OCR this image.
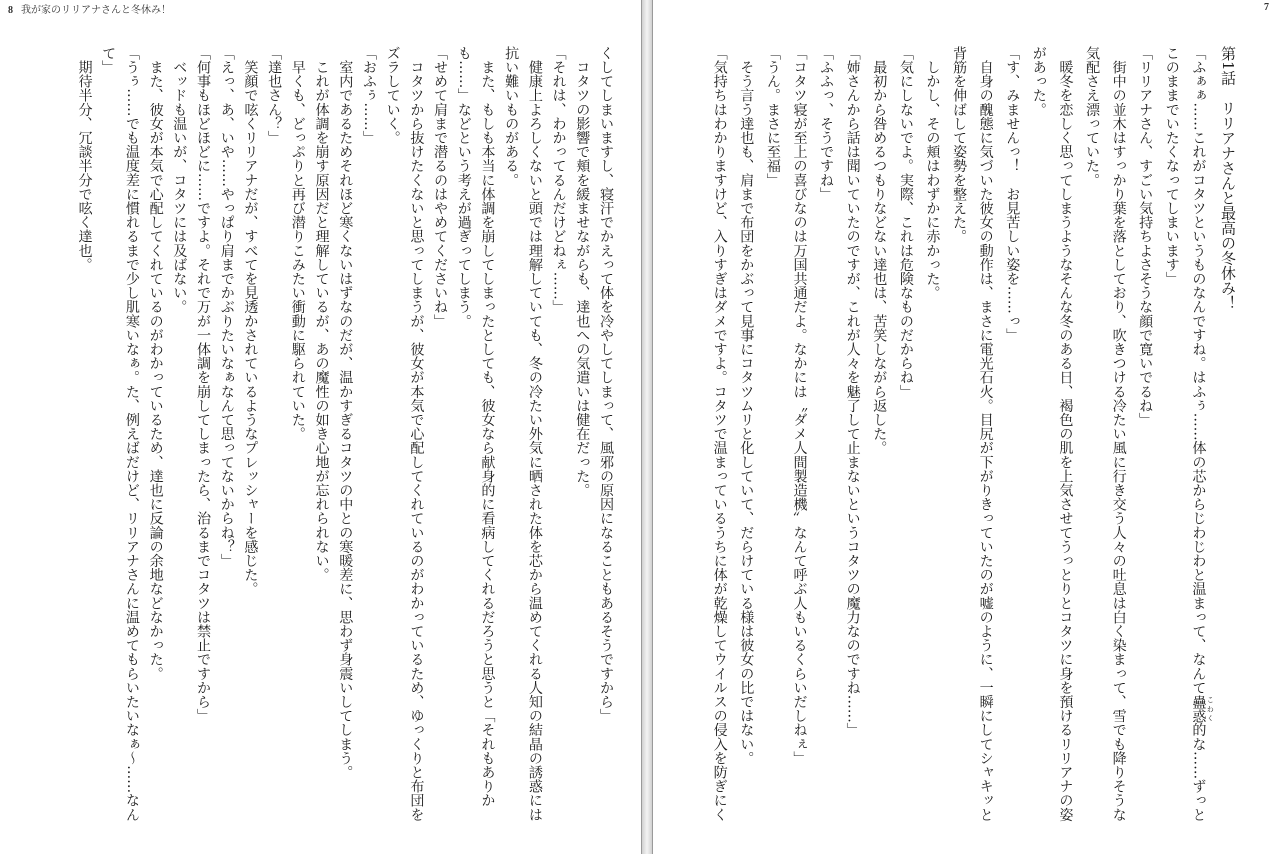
8 我が家のリリアナさんと冬休み！
くしてしまいますし、寝汗でかえって体を冷やしてしまって、風邪の原因になることもあるそうですから」
　コタツの影響で頬を緩ませながらも、達也への気遣いは健在だった。
「それは、わかってるんだけどねぇ……」
　健康上よろしくないと頭では理解していても、冬の冷たい外気に晒された体を芯から温めてくれる人知の結晶の誘惑には
抗い難いものがある。
　また、もしも本当に体調を崩してしまったとしても、彼女なら献身的に看病してくれるだろうと思うと「それもありか
も……」などという考えが過ぎってしまう。
「せめて肩まで潜るのはやめてくださいね」
　コタツから抜けたくないと思ってしまうが、彼女が本気で心配してくれているのがわかっているため、ゆっくりと布団を
ズラしていく。
「おふぅ……」
　室内であるためそれほど寒くないはずなのだが、温かすぎるコタツの中との寒暖差に、思わず身震いしてしまう。
　これが体調を崩す原因だと理解しているが、あの魔性の如き心地が忘れられない。
　早くも、どっぷりと再び潜りこみたい衝動に駆られていた。
「達也さん？」
　笑顔で呟くリリアナだが、すべてを見透かされているようなプレッシャーを感じた。
「えっ、あ、いや……やっぱり肩までかぶりたいなぁなんて思ってないからね？」
「何事もほどほどに……ですよ。それで万が一体調を崩してしまったら、治るまでコタツは禁止ですから」
　ベッドも温いが、コタツには及ばない。
　また、彼女が本気で心配してくれているのがわかっているため、達也に反論の余地などなかった。
「うぅ……でも温度差に慣れるまで少し肌寒いなぁ。た、例えばだけど、リリアナさんに温めてもらいたいなぁ～……なん
て」
　期待半分、冗談半分で呟く達也。
7
第1話　リリアナさんと最高の冬休み！
「ふぁぁ……これがコタツというものなんですね。はふぅ……体の芯からじわじわと温まって、なんて蠱惑 こわく的な……ずっと
このままでいたくなってしまいます」
「リリアナさん、すごい気持ちよさそうな顔で寛いでるね」
　街中の並木はすっかり葉を落としており、吹きつける冷たい風に行き交う人々の吐息は白く染まって、雪でも降りそうな
気配さえ漂っていた。
　暖冬を恋しく思ってしまうようなそんな冬のある日、褐色の肌を上気させてうっとりとコタツに身を預けるリリアナの姿
があった。
「す、みませんっ！　お見苦しい姿を……っ」
　自身の醜態に気づいた彼女の動作は、まさに電光石火。目尻が下がりきっていたのが嘘のように、一瞬にしてシャキッと
背筋を伸ばして姿勢を整えた。
　しかし、その頬はわずかに赤かった。
「気にしないでよ。実際、これは危険なものだからね」
　最初から咎めるつもりなどない達也は、苦笑しながら返した。
「姉さんから話は聞いていたのですが、これが人々を魅了して止まないというコタツの魔力なのですね……」
「ふふっ、そうですね」
「コタツ寝が至上の喜びなのは万国共通だよ。なかには〝ダメ人間製造機〟なんて呼ぶ人もいるくらいだしねぇ」
「うん。まさに至福」
　そう言う達也も、肩まで布団をかぶって見事にコタツムリと化していて、だらけている様は彼女の比ではない。
「気持ちはわかりますけど、入りすぎはダメですよ。コタツで温まっているうちに体が乾燥してウイルスの侵入を防ぎにく
